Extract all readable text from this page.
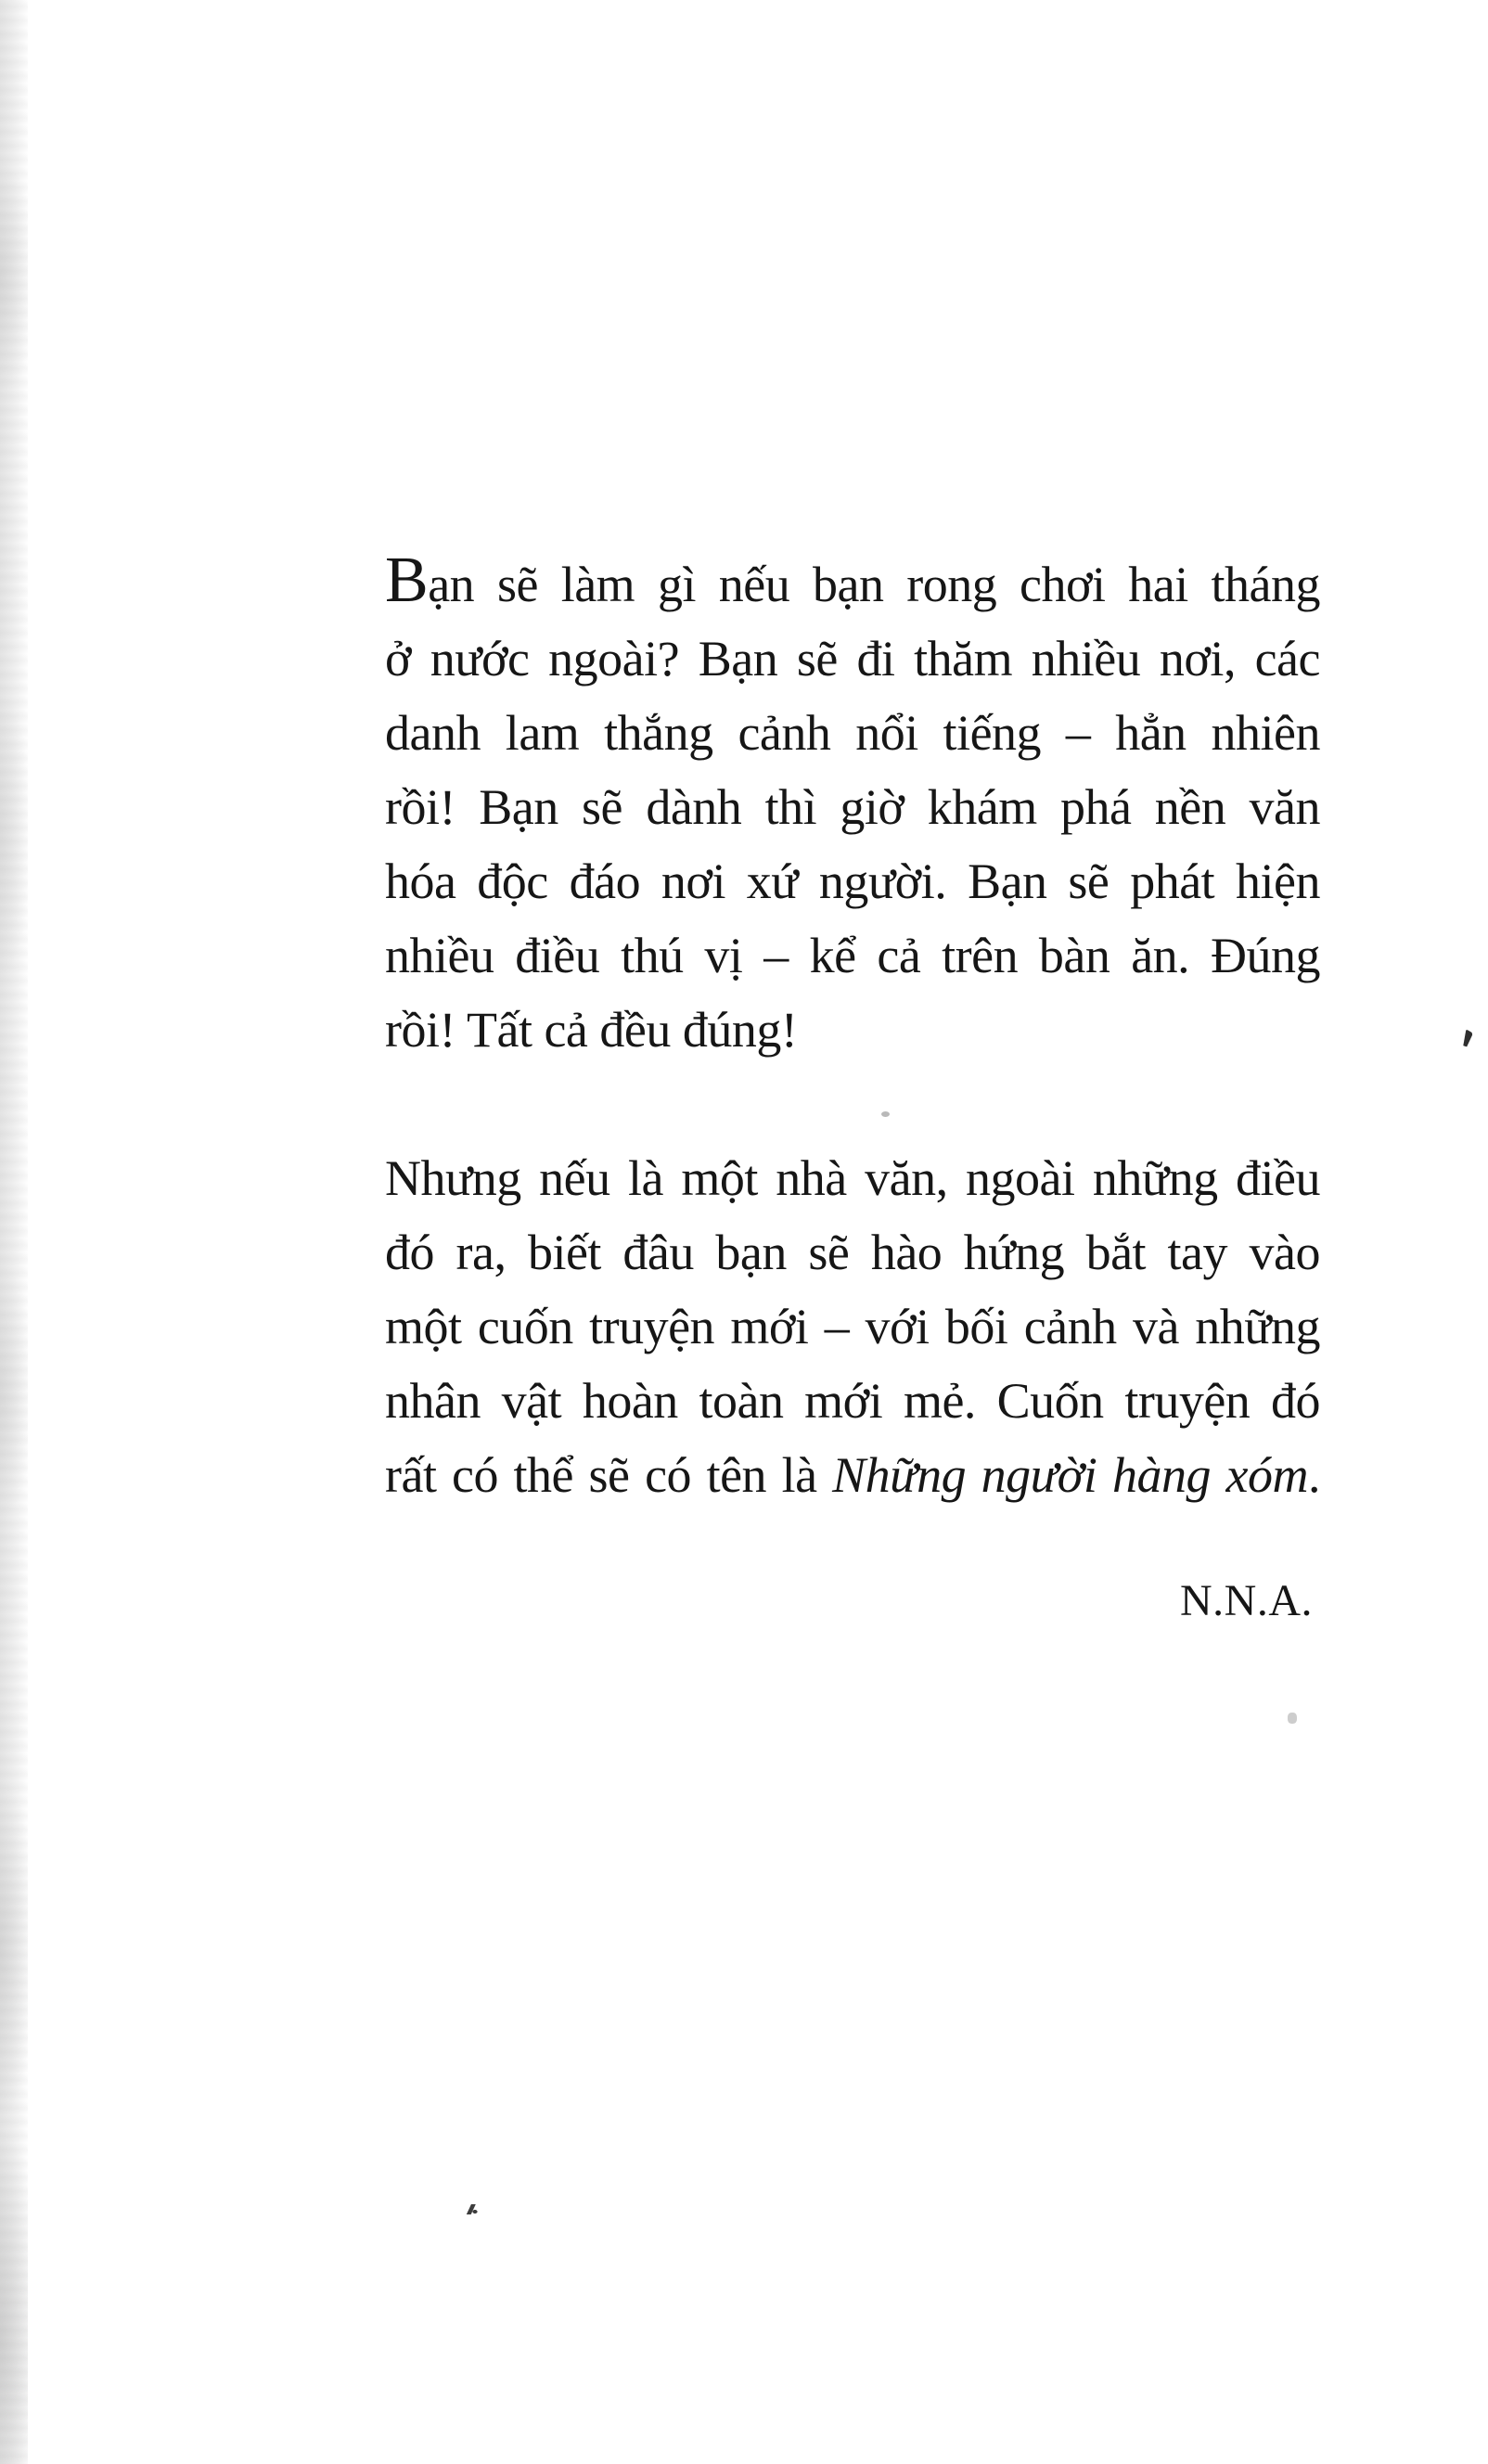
Bạn sẽ làm gì nếu bạn rong chơi hai tháng
ở nước ngoài? Bạn sẽ đi thăm nhiều nơi, các
danh lam thắng cảnh nổi tiếng – hẳn nhiên
rồi! Bạn sẽ dành thì giờ khám phá nền văn
hóa độc đáo nơi xứ người. Bạn sẽ phát hiện
nhiều điều thú vị – kể cả trên bàn ăn. Đúng
rồi! Tất cả đều đúng!
Nhưng nếu là một nhà văn, ngoài những điều
đó ra, biết đâu bạn sẽ hào hứng bắt tay vào
một cuốn truyện mới – với bối cảnh và những
nhân vật hoàn toàn mới mẻ. Cuốn truyện đó
rất có thể sẽ có tên là Những người hàng xóm.
N.N.A.
